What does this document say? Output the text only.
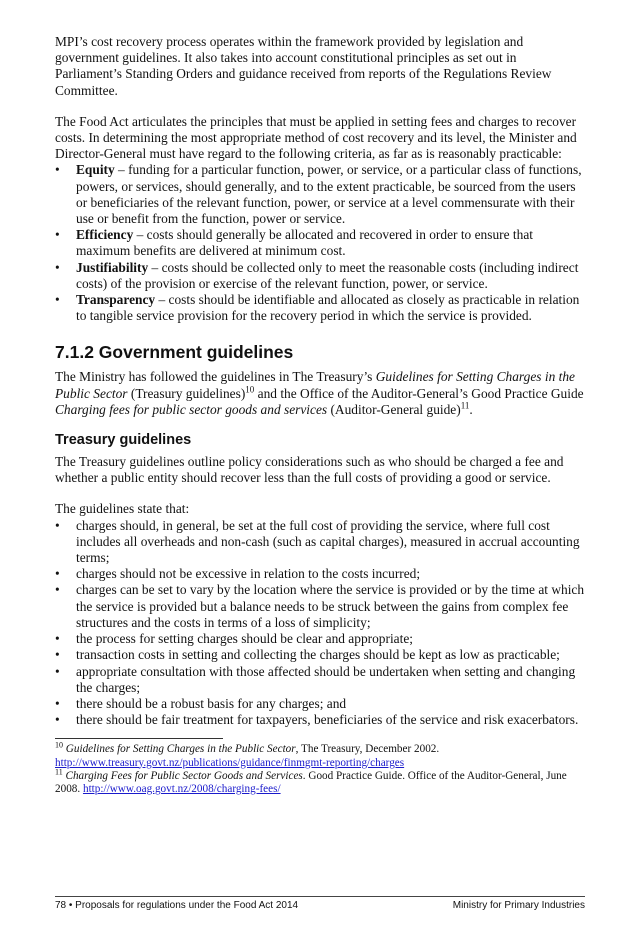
MPI’s cost recovery process operates within the framework provided by legislation and government guidelines. It also takes into account constitutional principles as set out in Parliament’s Standing Orders and guidance received from reports of the Regulations Review Committee.

The Food Act articulates the principles that must be applied in setting fees and charges to recover costs. In determining the most appropriate method of cost recovery and its level, the Minister and Director-General must have regard to the following criteria, as far as is reasonably practicable:

• Equity – funding for a particular function, power, or service, or a particular class of functions, powers, or services, should generally, and to the extent practicable, be sourced from the users or beneficiaries of the relevant function, power, or service at a level commensurate with their use or benefit from the function, power or service.
• Efficiency – costs should generally be allocated and recovered in order to ensure that maximum benefits are delivered at minimum cost.
• Justifiability – costs should be collected only to meet the reasonable costs (including indirect costs) of the provision or exercise of the relevant function, power, or service.
• Transparency – costs should be identifiable and allocated as closely as practicable in relation to tangible service provision for the recovery period in which the service is provided.
7.1.2 Government guidelines

The Ministry has followed the guidelines in The Treasury’s Guidelines for Setting Charges in the Public Sector (Treasury guidelines)$^{10}$ and the Office of the Auditor-General’s Good Practice Guide Charging fees for public sector goods and services (Auditor-General guide)$^{11}$.

Treasury guidelines

The Treasury guidelines outline policy considerations such as who should be charged a fee and whether a public entity should recover less than the full costs of providing a good or service.

The guidelines state that:

• charges should, in general, be set at the full cost of providing the service, where full cost includes all overheads and non-cash (such as capital charges), measured in accrual accounting terms;
• charges should not be excessive in relation to the costs incurred;
• charges can be set to vary by the location where the service is provided or by the time at which the service is provided but a balance needs to be struck between the gains from complex fee structures and the costs in terms of a loss of simplicity;
• the process for setting charges should be clear and appropriate;
• transaction costs in setting and collecting the charges should be kept as low as practicable;
• appropriate consultation with those affected should be undertaken when setting and changing the charges;
• there should be a robust basis for any charges; and
• there should be fair treatment for taxpayers, beneficiaries of the service and risk exacerbators.

$^{10}$ Guidelines for Setting Charges in the Public Sector, The Treasury, December 2002.
http://www.treasury.govt.nz/publications/guidance/finmgmt-reporting/charges

$^{11}$ Charging Fees for Public Sector Goods and Services. Good Practice Guide. Office of the Auditor-General, June 2008. http://www.oag.govt.nz/2008/charging-fees/

78 • Proposals for regulations under the Food Act 2014	Ministry for Primary Industries
